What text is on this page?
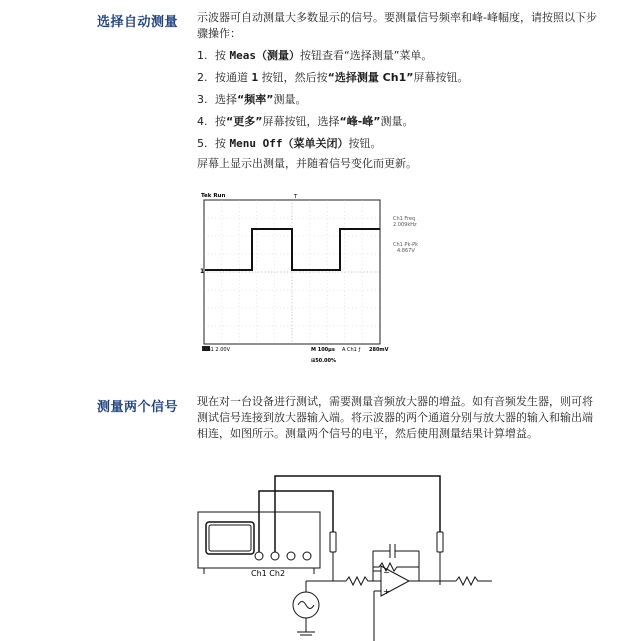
选择自动测量 示波器可自动测量大多数显示的信号。要测量信号频率和峰-峰幅度，请按照以下步骤操作：
1. 按 Meas（测量）按钮查看“选择测量”菜单。
2. 按通道 1 按钮，然后按“选择测量 Ch1”屏幕按钮。
3. 选择“频率”测量。
4. 按“更多”屏幕按钮，选择“峰-峰”测量。
5. 按 Menu Off（菜单关闭）按钮。
屏幕上显示出测量，并随着信号变化而更新。
Tek Run	T
1
Ch1 Freq
2.009kHz
Ch1 Pk-Pk
4.867V
Ch1 2.00V	M 100μs A Ch1 ƒ 280mV
⊞50.00%
测量两个信号 现在对一台设备进行测试，需要测量音频放大器的增益。如有音频发生器，则可将测试信号连接到放大器输入端。将示波器的两个通道分别与放大器的输入和输出端相连，如图所示。测量两个信号的电平，然后使用测量结果计算增益。
−
+
Ch1 Ch2
